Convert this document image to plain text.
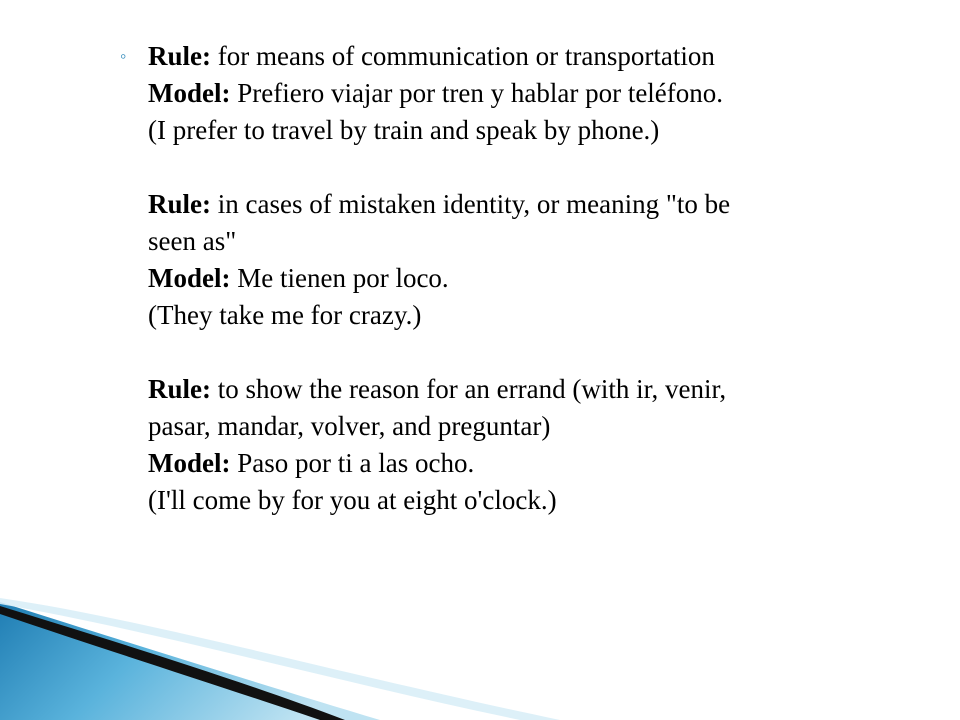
◦ Rule: for means of communication or transportation
Model: Prefiero viajar por tren y hablar por teléfono.
(I prefer to travel by train and speak by phone.)
Rule: in cases of mistaken identity, or meaning "to be
seen as"
Model: Me tienen por loco.
(They take me for crazy.)
Rule: to show the reason for an errand (with ir, venir,
pasar, mandar, volver, and preguntar)
Model: Paso por ti a las ocho.
(I'll come by for you at eight o'clock.)
